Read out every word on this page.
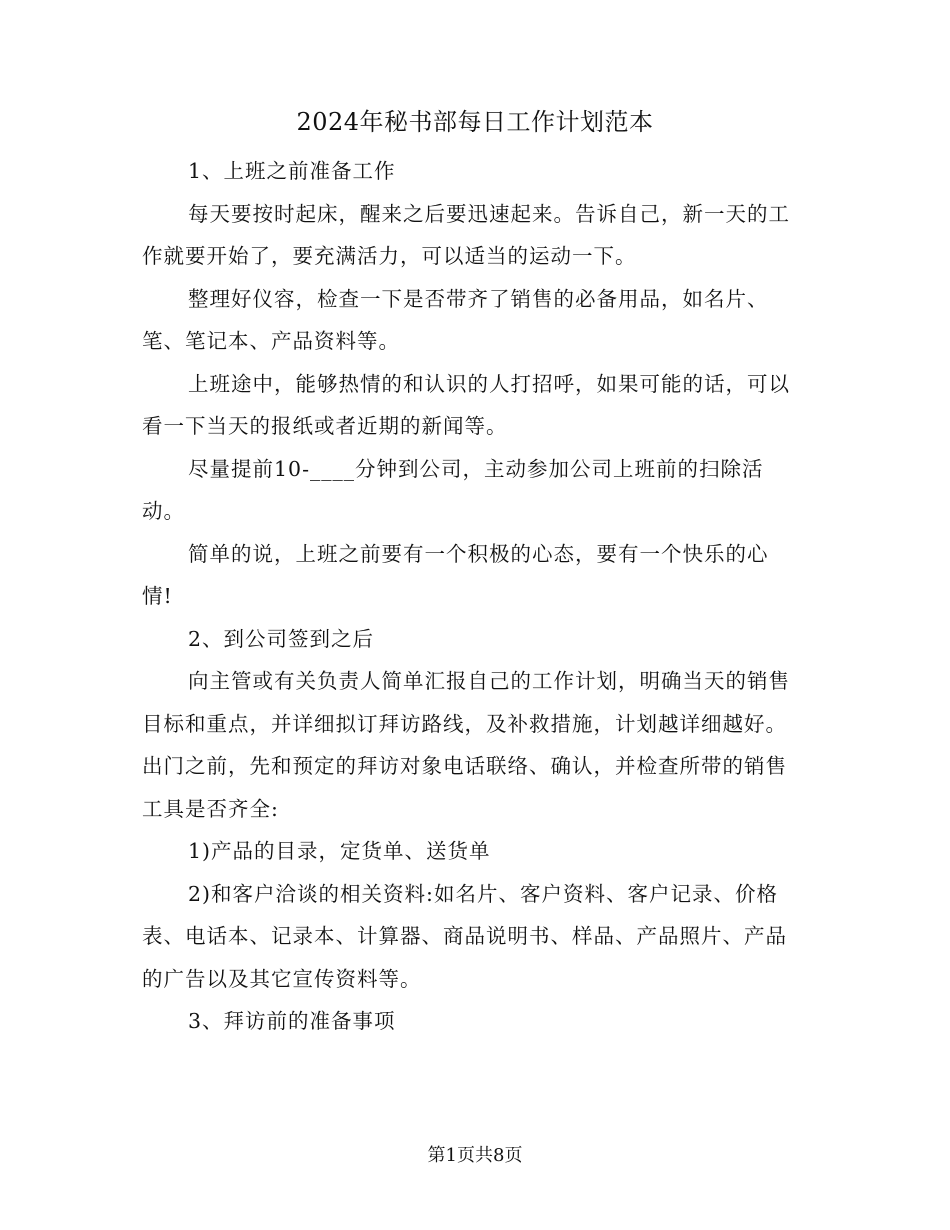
2024年秘书部每日工作计划范本
1、上班之前准备工作
每天要按时起床，醒来之后要迅速起来。告诉自己，新一天的工
作就要开始了，要充满活力，可以适当的运动一下。
整理好仪容，检查一下是否带齐了销售的必备用品，如名片、
笔、笔记本、产品资料等。
上班途中，能够热情的和认识的人打招呼，如果可能的话，可以
看一下当天的报纸或者近期的新闻等。
尽量提前10-____分钟到公司，主动参加公司上班前的扫除活
动。
简单的说，上班之前要有一个积极的心态，要有一个快乐的心
情!
2、到公司签到之后
向主管或有关负责人简单汇报自己的工作计划，明确当天的销售
目标和重点，并详细拟订拜访路线，及补救措施，计划越详细越好。
出门之前，先和预定的拜访对象电话联络、确认，并检查所带的销售
工具是否齐全:
1)产品的目录，定货单、送货单
2)和客户洽谈的相关资料:如名片、客户资料、客户记录、价格
表、电话本、记录本、计算器、商品说明书、样品、产品照片、产品
的广告以及其它宣传资料等。
3、拜访前的准备事项
第1页共8页
